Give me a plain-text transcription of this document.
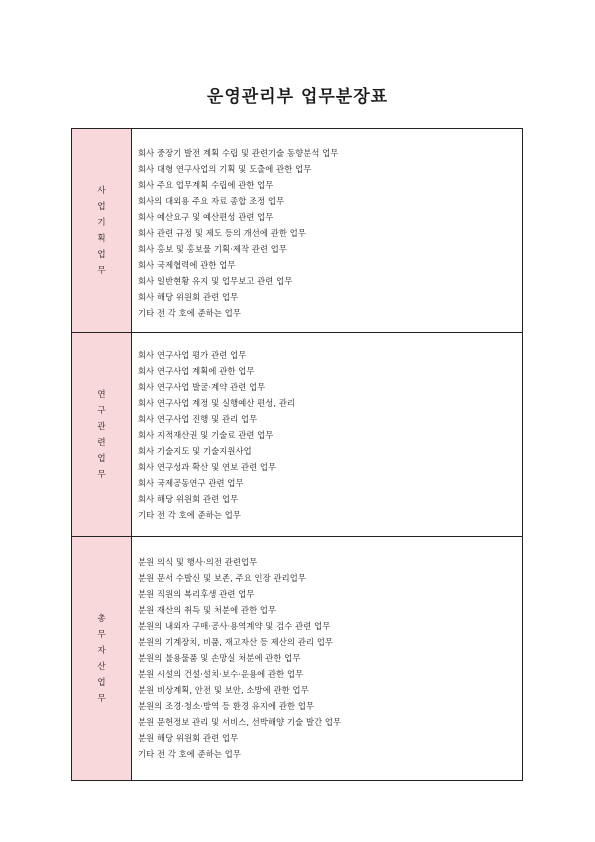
운영관리부 업무분장표
사업기획업무
회사 중장기 발전 계획 수립 및 관련기술 동향분석 업무
회사 대형 연구사업의 기획 및 도출에 관한 업무
회사 주요 업무계획 수립에 관한 업무
회사의 대외용 주요 자료 종합 조정 업무
회사 예산요구 및 예산편성 관련 업무
회사 관련 규정 및 제도 등의 개선에 관한 업무
회사 홍보 및 홍보물 기획·제작 관련 업무
회사 국제협력에 관한 업무
회사 일반현황 유지 및 업무보고 관련 업무
회사 해당 위원회 관련 업무
기타 전 각 호에 준하는 업무
연구관련업무
회사 연구사업 평가 관련 업무
회사 연구사업 계획에 관한 업무
회사 연구사업 발굴·계약 관련 업무
회사 연구사업 계정 및 실행예산 편성, 관리
회사 연구사업 진행 및 관리 업무
회사 지적재산권 및 기술료 관련 업무
회사 기술지도 및 기술지원사업
회사 연구성과 확산 및 연보 관련 업무
회사 국제공동연구 관련 업무
회사 해당 위원회 관련 업무
기타 전 각 호에 준하는 업무
총무자산업무
분원 의식 및 행사·의전 관련업무
분원 문서 수발신 및 보존, 주요 인장 관리업무
분원 직원의 복리후생 관련 업무
분원 재산의 취득 및 처분에 관한 업무
분원의 내외자 구매·공사·용역계약 및 검수 관련 업무
분원의 기계장치, 비품, 재고자산 등 제산의 관리 업무
분원의 불용물품 및 손망실 처분에 관한 업무
분원 시설의 건설·설치·보수·운용에 관한 업무
분원 비상계획, 안전 및 보안, 소방에 관한 업무
분원의 조경·청소·방역 등 환경 유지에 관한 업무
분원 문헌정보 관리 및 서비스, 선박해양 기술 발간 업무
분원 해당 위원회 관련 업무
기타 전 각 호에 준하는 업무
